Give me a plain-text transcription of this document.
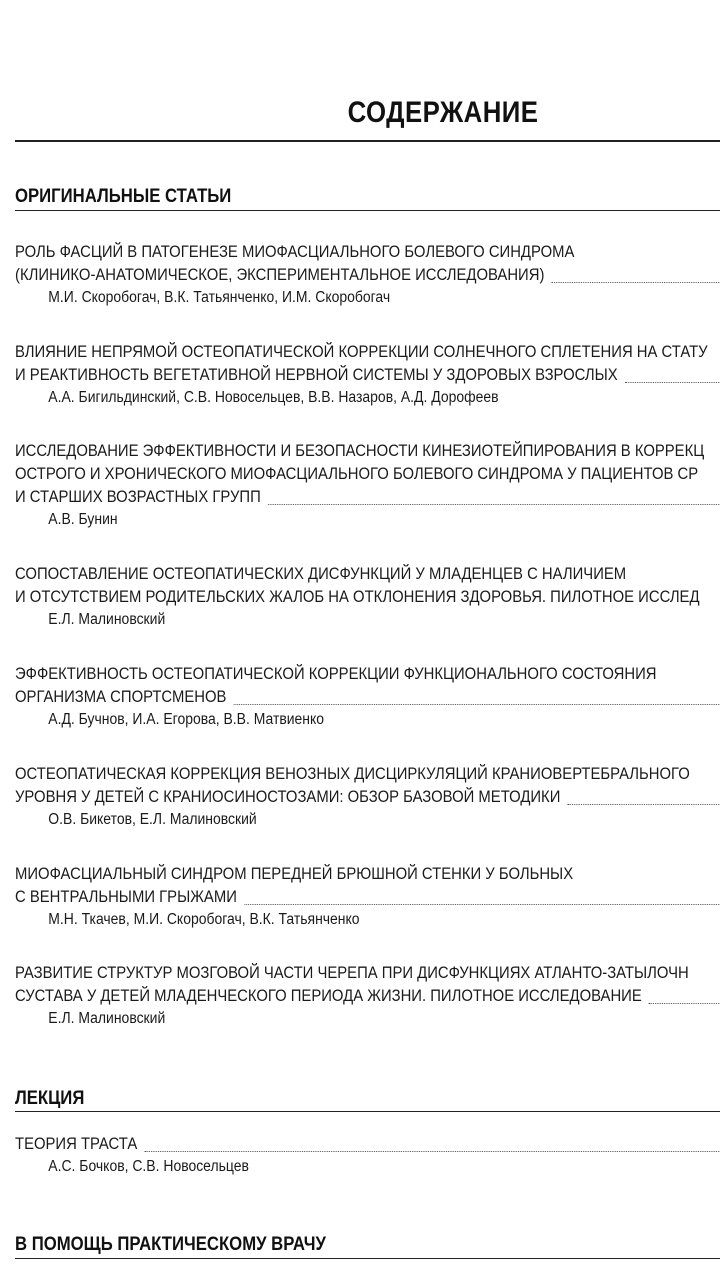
СОДЕРЖАНИЕ
ОРИГИНАЛЬНЫЕ СТАТЬИ
РОЛЬ ФАСЦИЙ В ПАТОГЕНЕЗЕ МИОФАСЦИАЛЬНОГО БОЛЕВОГО СИНДРОМА
(КЛИНИКО-АНАТОМИЧЕСКОЕ, ЭКСПЕРИМЕНТАЛЬНОЕ ИССЛЕДОВАНИЯ)
М.И. Скоробогач, В.К. Татьянченко, И.М. Скоробогач
ВЛИЯНИЕ НЕПРЯМОЙ ОСТЕОПАТИЧЕСКОЙ КОРРЕКЦИИ СОЛНЕЧНОГО СПЛЕТЕНИЯ НА СТАТУ
И РЕАКТИВНОСТЬ ВЕГЕТАТИВНОЙ НЕРВНОЙ СИСТЕМЫ У ЗДОРОВЫХ ВЗРОСЛЫХ
А.А. Бигильдинский, С.В. Новосельцев, В.В. Назаров, А.Д. Дорофеев
ИССЛЕДОВАНИЕ ЭФФЕКТИВНОСТИ И БЕЗОПАСНОСТИ КИНЕЗИОТЕЙПИРОВАНИЯ В КОРРЕКЦ
ОСТРОГО И ХРОНИЧЕСКОГО МИОФАСЦИАЛЬНОГО БОЛЕВОГО СИНДРОМА У ПАЦИЕНТОВ СР
И СТАРШИХ ВОЗРАСТНЫХ ГРУПП
А.В. Бунин
СОПОСТАВЛЕНИЕ ОСТЕОПАТИЧЕСКИХ ДИСФУНКЦИЙ У МЛАДЕНЦЕВ С НАЛИЧИЕМ
И ОТСУТСТВИЕМ РОДИТЕЛЬСКИХ ЖАЛОБ НА ОТКЛОНЕНИЯ ЗДОРОВЬЯ. ПИЛОТНОЕ ИССЛЕД
Е.Л. Малиновский
ЭФФЕКТИВНОСТЬ ОСТЕОПАТИЧЕСКОЙ КОРРЕКЦИИ ФУНКЦИОНАЛЬНОГО СОСТОЯНИЯ
ОРГАНИЗМА СПОРТСМЕНОВ
А.Д. Бучнов, И.А. Егорова, В.В. Матвиенко
ОСТЕОПАТИЧЕСКАЯ КОРРЕКЦИЯ ВЕНОЗНЫХ ДИСЦИРКУЛЯЦИЙ КРАНИОВЕРТЕБРАЛЬНОГО
УРОВНЯ У ДЕТЕЙ С КРАНИОСИНОСТОЗАМИ: ОБЗОР БАЗОВОЙ МЕТОДИКИ
О.В. Бикетов, Е.Л. Малиновский
МИОФАСЦИАЛЬНЫЙ СИНДРОМ ПЕРЕДНЕЙ БРЮШНОЙ СТЕНКИ У БОЛЬНЫХ
С ВЕНТРАЛЬНЫМИ ГРЫЖАМИ
М.Н. Ткачев, М.И. Скоробогач, В.К. Татьянченко
РАЗВИТИЕ СТРУКТУР МОЗГОВОЙ ЧАСТИ ЧЕРЕПА ПРИ ДИСФУНКЦИЯХ АТЛАНТО-ЗАТЫЛОЧН
СУСТАВА У ДЕТЕЙ МЛАДЕНЧЕСКОГО ПЕРИОДА ЖИЗНИ. ПИЛОТНОЕ ИССЛЕДОВАНИЕ
Е.Л. Малиновский
ЛЕКЦИЯ
ТЕОРИЯ ТРАСТА
А.С. Бочков, С.В. Новосельцев
В ПОМОЩЬ ПРАКТИЧЕСКОМУ ВРАЧУ
